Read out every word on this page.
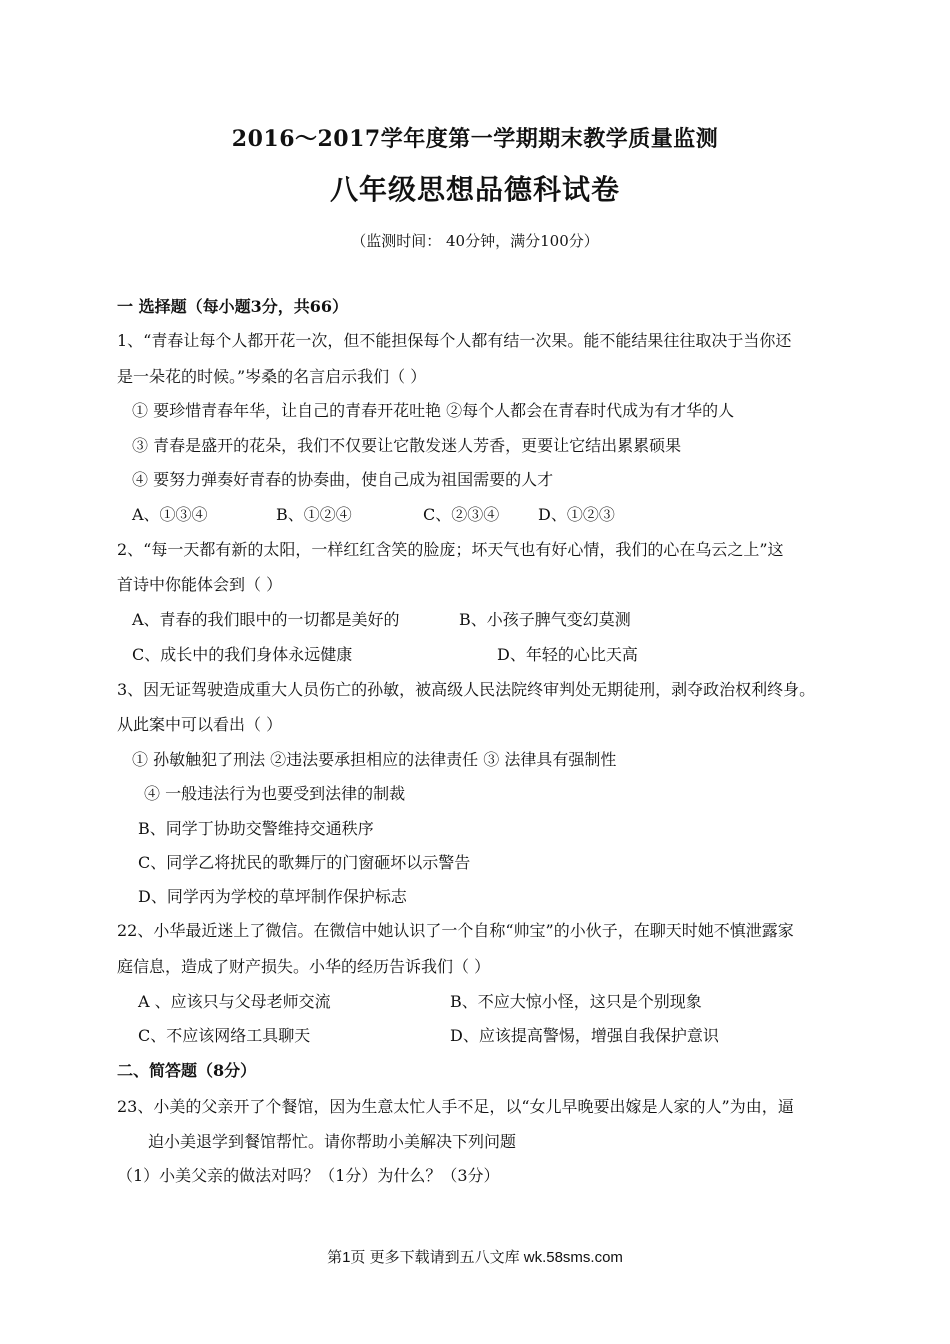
2016～2017学年度第一学期期末教学质量监测
八年级思想品德科试卷
（监测时间： 40分钟，满分100分）
一 选择题（每小题3分，共66）
1、“青春让每个人都开花一次，但不能担保每个人都有结一次果。能不能结果往往取决于当你还
是一朵花的时候。”岑桑的名言启示我们（ ）
① 要珍惜青春年华，让自己的青春开花吐艳 ②每个人都会在青春时代成为有才华的人
③ 青春是盛开的花朵，我们不仅要让它散发迷人芳香，更要让它结出累累硕果
④ 要努力弹奏好青春的协奏曲，使自己成为祖国需要的人才
A、①③④	B、①②④	C、②③④ D、①②③
2、“每一天都有新的太阳，一样红红含笑的脸庞；坏天气也有好心情，我们的心在乌云之上”这
首诗中你能体会到（ ）
A、青春的我们眼中的一切都是美好的	B、小孩子脾气变幻莫测
C、成长中的我们身体永远健康	D、年轻的心比天高
3、因无证驾驶造成重大人员伤亡的孙敏，被高级人民法院终审判处无期徒刑，剥夺政治权利终身。
从此案中可以看出（ ）
① 孙敏触犯了刑法 ②违法要承担相应的法律责任 ③ 法律具有强制性
④ 一般违法行为也要受到法律的制裁
B、同学丁协助交警维持交通秩序
C、同学乙将扰民的歌舞厅的门窗砸坏以示警告
D、同学丙为学校的草坪制作保护标志
22、小华最近迷上了微信。在微信中她认识了一个自称“帅宝”的小伙子，在聊天时她不慎泄露家
庭信息，造成了财产损失。小华的经历告诉我们（ ）
A 、应该只与父母老师交流	B、不应大惊小怪，这只是个别现象
C、不应该网络工具聊天	D、应该提高警惕，增强自我保护意识
二、简答题（8分）
23、小美的父亲开了个餐馆，因为生意太忙人手不足，以“女儿早晚要出嫁是人家的人”为由，逼
迫小美退学到餐馆帮忙。请你帮助小美解决下列问题
（1）小美父亲的做法对吗？（1分）为什么？（3分）
第1页 更多下载请到五八文库 wk.58sms.com
